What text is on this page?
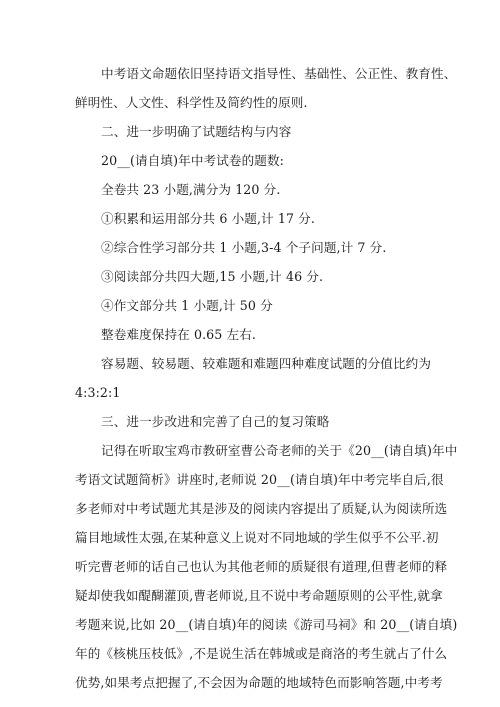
中考语文命题依旧坚持语文指导性、基础性、公正性、教育性、
鲜明性、人文性、科学性及简约性的原则.
二、进一步明确了试题结构与内容
20__(请自填)年中考试卷的题数:
全卷共 23 小题,满分为 120 分.
①积累和运用部分共 6 小题,计 17 分.
②综合性学习部分共 1 小题,3-4 个子问题,计 7 分.
③阅读部分共四大题,15 小题,计 46 分.
④作文部分共 1 小题,计 50 分
整卷难度保持在 0.65 左右.
容易题、较易题、较难题和难题四种难度试题的分值比约为
4:3:2:1
三、进一步改进和完善了自己的复习策略
记得在听取宝鸡市教研室曹公奇老师的关于《20__(请自填)年中
考语文试题简析》讲座时,老师说 20__(请自填)年中考完毕自后,很
多老师对中考试题尤其是涉及的阅读内容提出了质疑,认为阅读所选
篇目地域性太强,在某种意义上说对不同地域的学生似乎不公平.初
听完曹老师的话自己也认为其他老师的质疑很有道理,但曹老师的释
疑却使我如醍醐灌顶,曹老师说,且不说中考命题原则的公平性,就拿
考题来说,比如 20__(请自填)年的阅读《游司马祠》和 20__(请自填)
年的《核桃压枝低》,不是说生活在韩城或是商洛的考生就占了什么
优势,如果考点把握了,不会因为命题的地域特色而影响答题,中考考
